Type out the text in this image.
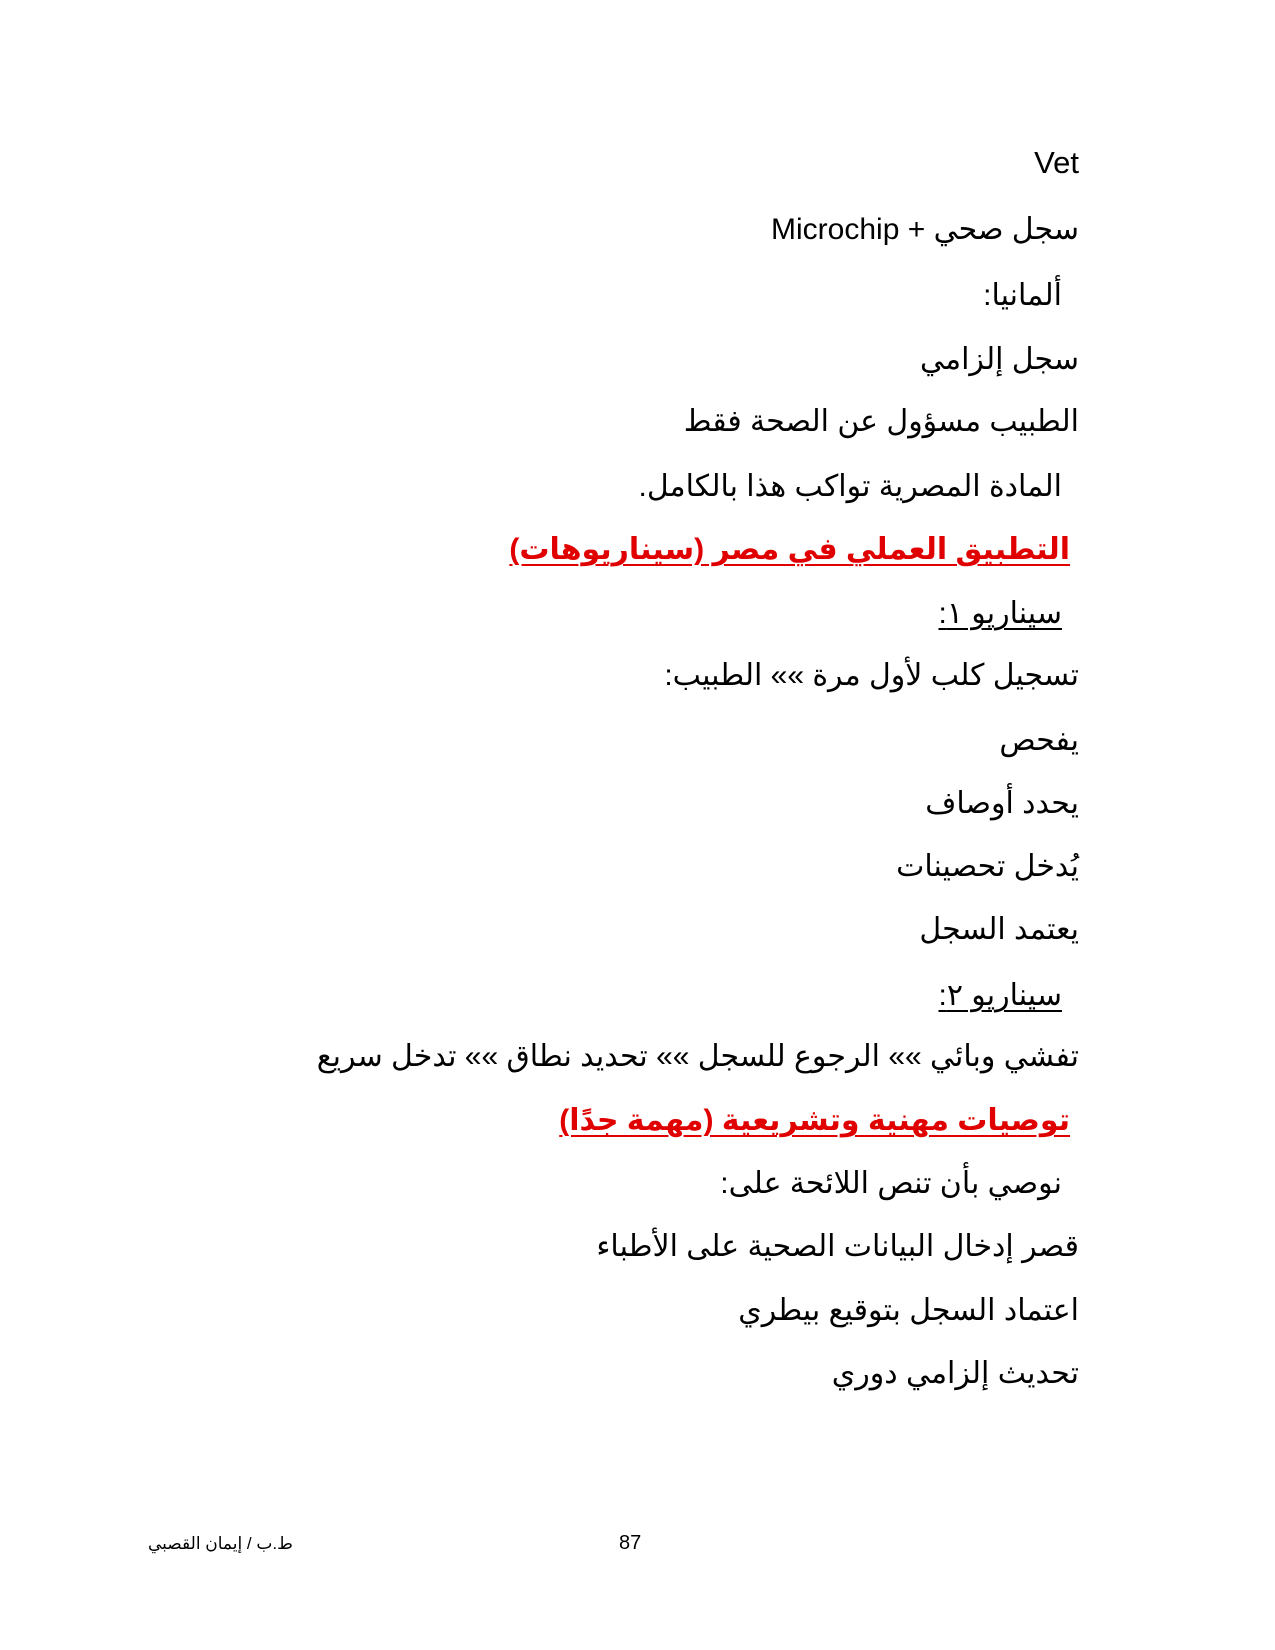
Vet
سجل صحي + Microchip
ألمانيا:
سجل إلزامي
الطبيب مسؤول عن الصحة فقط
المادة المصرية تواكب هذا بالكامل.
التطبيق العملي في مصر (سيناريوهات)
سيناريو ١:
تسجيل كلب لأول مرة »» الطبيب:
يفحص
يحدد أوصاف
يُدخل تحصينات
يعتمد السجل
سيناريو ٢:
تفشي وبائي »» الرجوع للسجل »» تحديد نطاق »» تدخل سريع
توصيات مهنية وتشريعية (مهمة جدًا)
نوصي بأن تنص اللائحة على:
قصر إدخال البيانات الصحية على الأطباء
اعتماد السجل بتوقيع بيطري
تحديث إلزامي دوري
ط.ب / إيمان القصبي	87
